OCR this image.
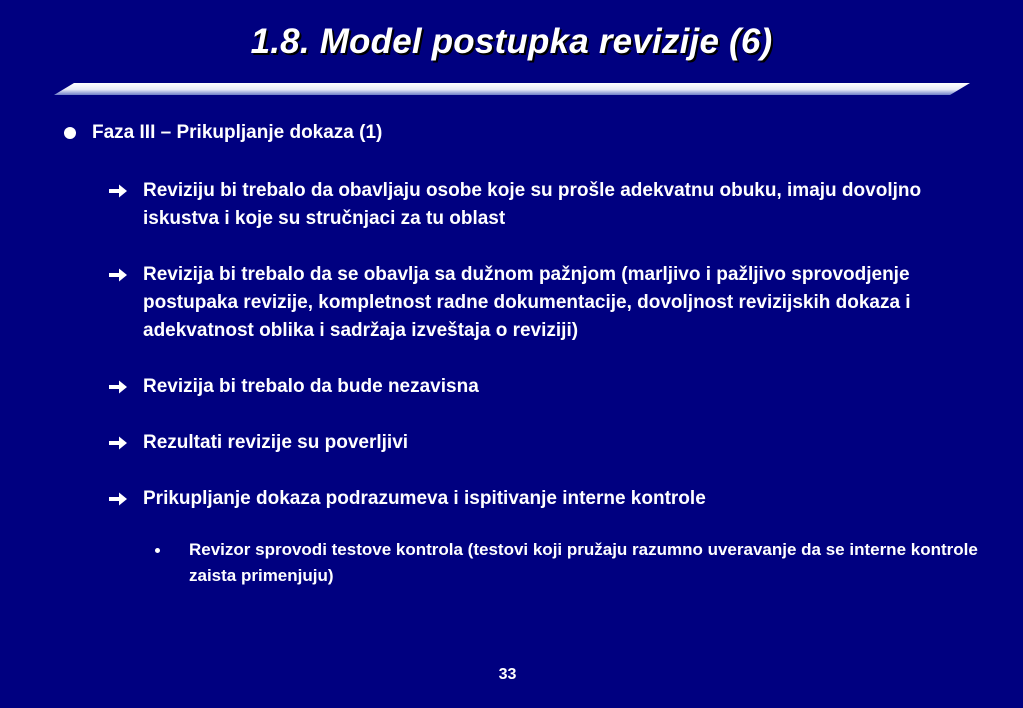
1.8. Model postupka revizije (6)
Faza III – Prikupljanje dokaza (1)
Reviziju bi trebalo da obavljaju osobe koje su prošle adekvatnu obuku, imaju dovoljno iskustva i koje su stručnjaci za tu oblast
Revizija bi trebalo da se obavlja sa dužnom pažnjom (marljivo i pažljivo sprovodjenje postupaka revizije, kompletnost radne dokumentacije, dovoljnost revizijskih dokaza i adekvatnost oblika i sadržaja izveštaja o reviziji)
Revizija bi trebalo da bude nezavisna
Rezultati revizije su poverljivi
Prikupljanje dokaza podrazumeva i ispitivanje interne kontrole
Revizor sprovodi testove kontrola (testovi koji pružaju razumno uveravanje da se interne kontrole zaista primenjuju)
33
